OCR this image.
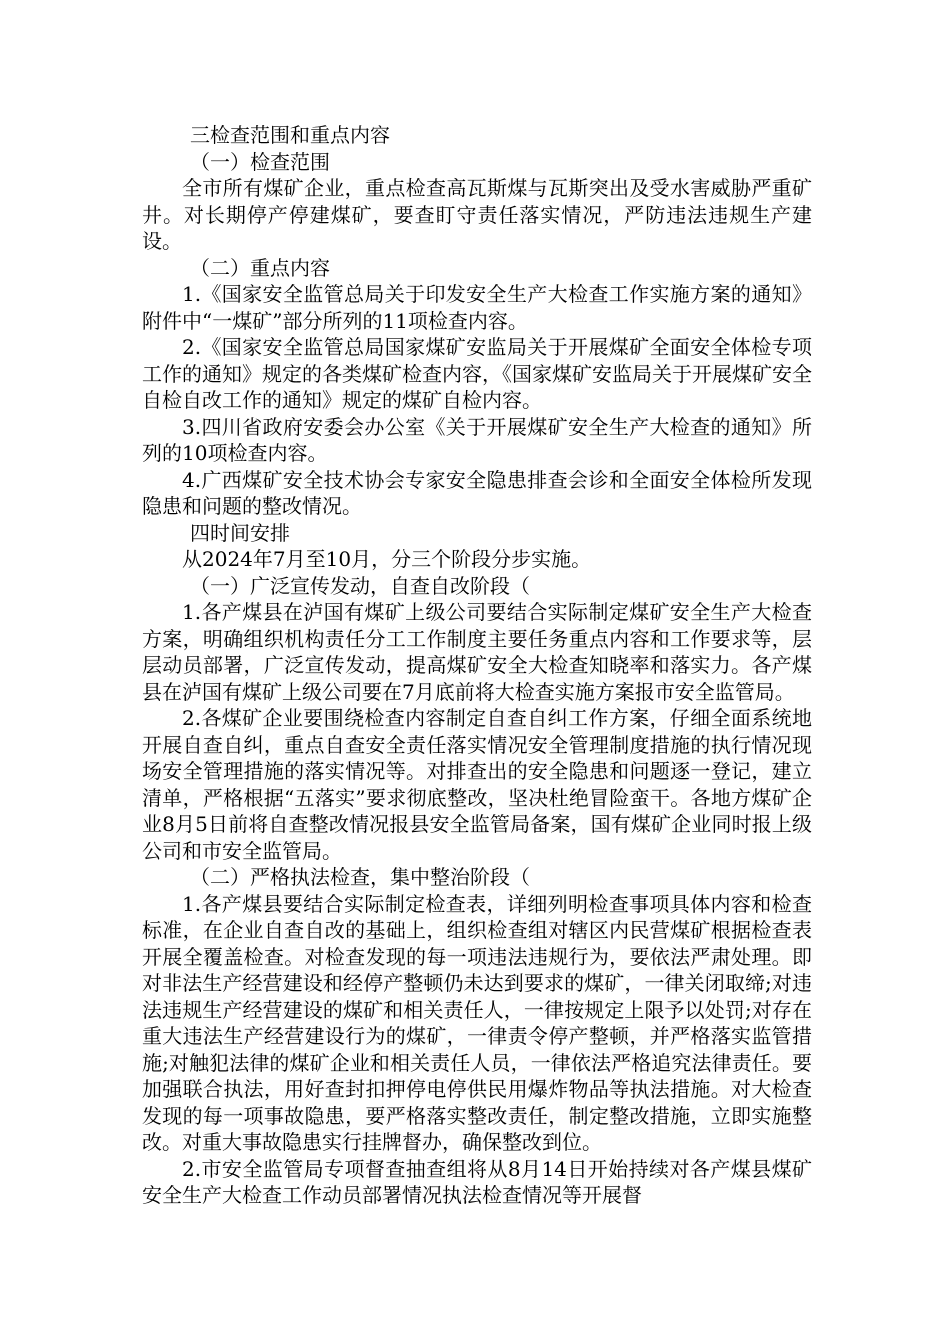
三检查范围和重点内容

（一）检查范围

全市所有煤矿企业，重点检查高瓦斯煤与瓦斯突出及受水害威胁严重矿井。对长期停产停建煤矿，要查盯守责任落实情况，严防违法违规生产建设。

（二）重点内容

1.《国家安全监管总局关于印发安全生产大检查工作实施方案的通知》附件中“一煤矿”部分所列的11项检查内容。

2.《国家安全监管总局国家煤矿安监局关于开展煤矿全面安全体检专项工作的通知》规定的各类煤矿检查内容，《国家煤矿安监局关于开展煤矿安全自检自改工作的通知》规定的煤矿自检内容。

3.四川省政府安委会办公室《关于开展煤矿安全生产大检查的通知》所列的10项检查内容。

4.广西煤矿安全技术协会专家安全隐患排查会诊和全面安全体检所发现隐患和问题的整改情况。

四时间安排

从2024年7月至10月，分三个阶段分步实施。

（一）广泛宣传发动，自查自改阶段（

1.各产煤县在泸国有煤矿上级公司要结合实际制定煤矿安全生产大检查方案，明确组织机构责任分工工作制度主要任务重点内容和工作要求等，层层动员部署，广泛宣传发动，提高煤矿安全大检查知晓率和落实力。各产煤县在泸国有煤矿上级公司要在7月底前将大检查实施方案报市安全监管局。

2.各煤矿企业要围绕检查内容制定自查自纠工作方案，仔细全面系统地开展自查自纠，重点自查安全责任落实情况安全管理制度措施的执行情况现场安全管理措施的落实情况等。对排查出的安全隐患和问题逐一登记，建立清单，严格根据“五落实”要求彻底整改，坚决杜绝冒险蛮干。各地方煤矿企业8月5日前将自查整改情况报县安全监管局备案，国有煤矿企业同时报上级公司和市安全监管局。

（二）严格执法检查，集中整治阶段（

1.各产煤县要结合实际制定检查表，详细列明检查事项具体内容和检查标准，在企业自查自改的基础上，组织检查组对辖区内民营煤矿根据检查表开展全覆盖检查。对检查发现的每一项违法违规行为，要依法严肃处理。即对非法生产经营建设和经停产整顿仍未达到要求的煤矿，一律关闭取缔;对违法违规生产经营建设的煤矿和相关责任人，一律按规定上限予以处罚;对存在重大违法生产经营建设行为的煤矿，一律责令停产整顿，并严格落实监管措施;对触犯法律的煤矿企业和相关责任人员，一律依法严格追究法律责任。要加强联合执法，用好查封扣押停电停供民用爆炸物品等执法措施。对大检查发现的每一项事故隐患，要严格落实整改责任，制定整改措施，立即实施整改。对重大事故隐患实行挂牌督办，确保整改到位。

2.市安全监管局专项督查抽查组将从8月14日开始持续对各产煤县煤矿安全生产大检查工作动员部署情况执法检查情况等开展督
